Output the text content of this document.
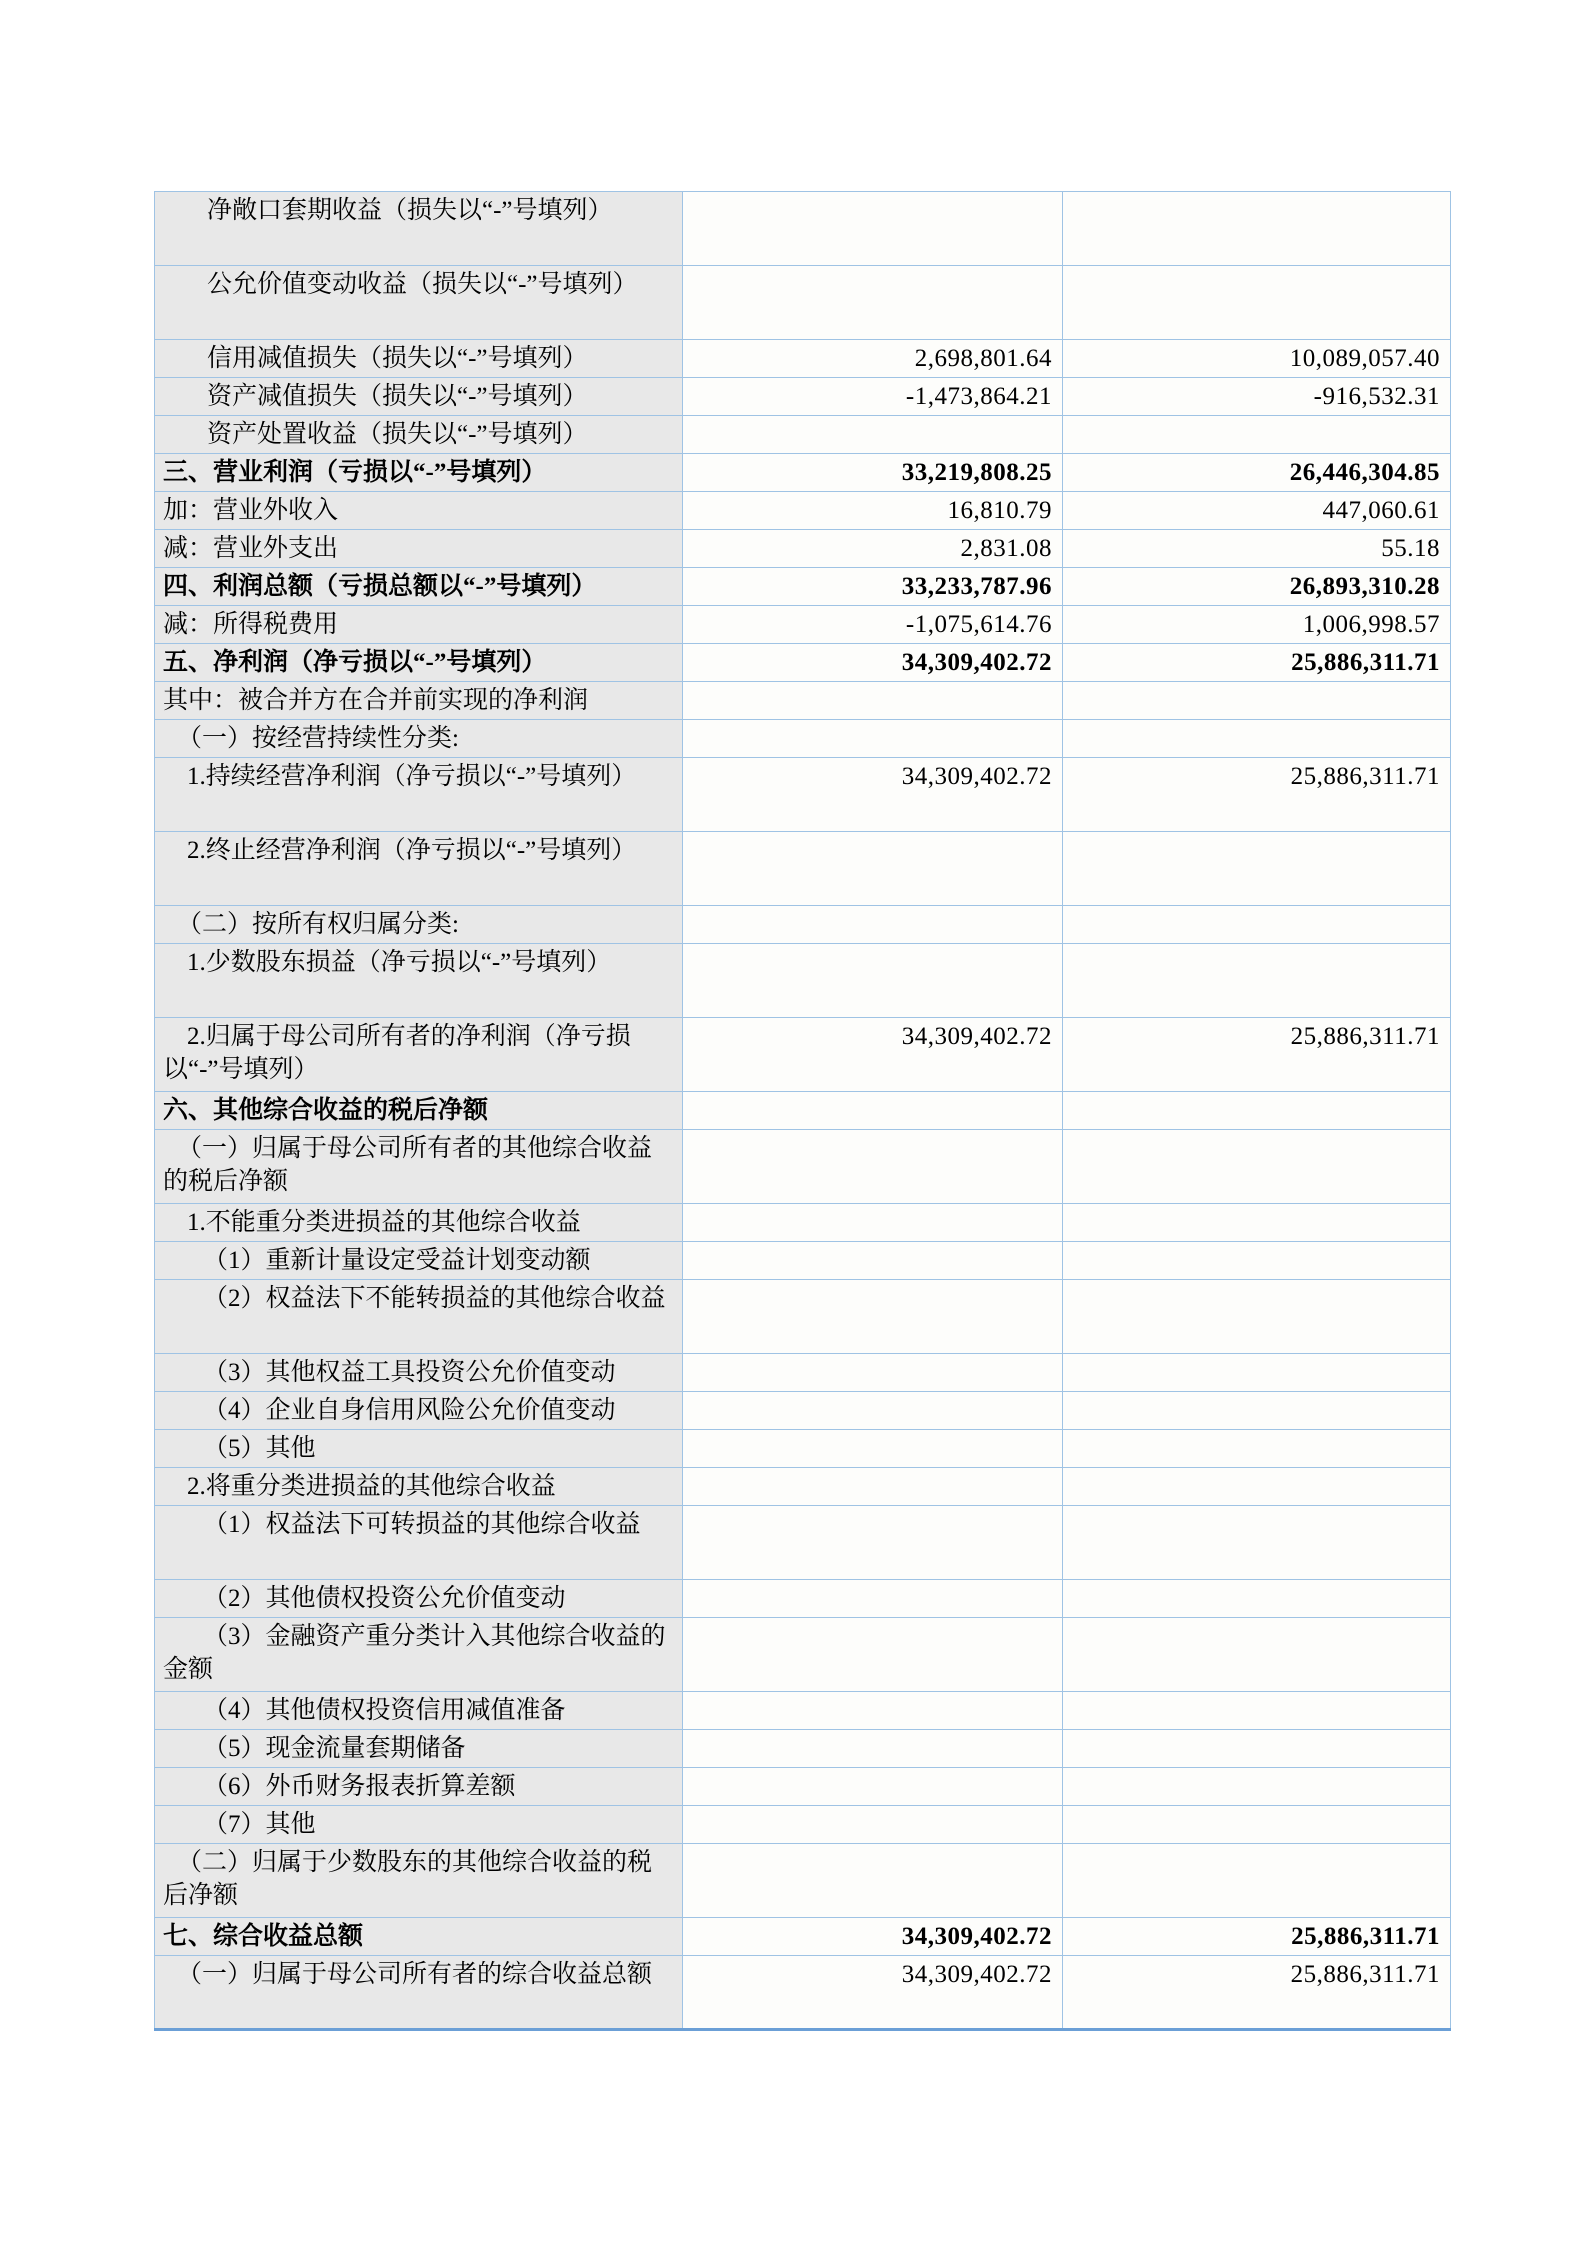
净敞口套期收益（损失以“-”号填列）		
公允价值变动收益（损失以“-”号填列）		
信用减值损失（损失以“-”号填列）	2,698,801.64	10,089,057.40
资产减值损失（损失以“-”号填列）	-1,473,864.21	-916,532.31
资产处置收益（损失以“-”号填列）		
三、营业利润（亏损以“-”号填列）	33,219,808.25	26,446,304.85
加：营业外收入	16,810.79	447,060.61
减：营业外支出	2,831.08	55.18
四、利润总额（亏损总额以“-”号填列）	33,233,787.96	26,893,310.28
减：所得税费用	-1,075,614.76	1,006,998.57
五、净利润（净亏损以“-”号填列）	34,309,402.72	25,886,311.71
其中：被合并方在合并前实现的净利润		
（一）按经营持续性分类:		
1.持续经营净利润（净亏损以“-”号填列）	34,309,402.72	25,886,311.71
2.终止经营净利润（净亏损以“-”号填列）		
（二）按所有权归属分类:		
1.少数股东损益（净亏损以“-”号填列）		
2.归属于母公司所有者的净利润（净亏损以“-”号填列）	34,309,402.72	25,886,311.71
六、其他综合收益的税后净额		
（一）归属于母公司所有者的其他综合收益的税后净额		
1.不能重分类进损益的其他综合收益		
（1）重新计量设定受益计划变动额		
（2）权益法下不能转损益的其他综合收益		
（3）其他权益工具投资公允价值变动		
（4）企业自身信用风险公允价值变动		
（5）其他		
2.将重分类进损益的其他综合收益		
（1）权益法下可转损益的其他综合收益		
（2）其他债权投资公允价值变动		
（3）金融资产重分类计入其他综合收益的金额		
（4）其他债权投资信用减值准备		
（5）现金流量套期储备		
（6）外币财务报表折算差额		
（7）其他		
（二）归属于少数股东的其他综合收益的税后净额		
七、综合收益总额	34,309,402.72	25,886,311.71
（一）归属于母公司所有者的综合收益总额	34,309,402.72	25,886,311.71
